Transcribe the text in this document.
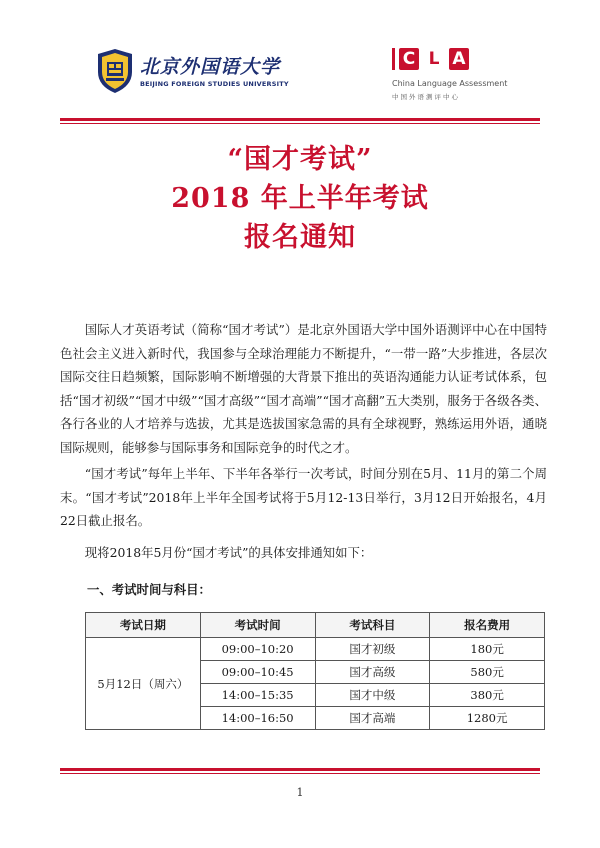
北京外国语大学
BEIJING FOREIGN STUDIES UNIVERSITY
C L A
China Language Assessment
中国外语测评中心
“国才考试”
2018 年上半年考试
报名通知

国际人才英语考试（简称“国才考试”）是北京外国语大学中国外语测评中心在中国特色社会主义进入新时代，我国参与全球治理能力不断提升，“一带一路”大步推进，各层次国际交往日趋频繁，国际影响不断增强的大背景下推出的英语沟通能力认证考试体系，包括“国才初级”“国才中级”“国才高级”“国才高端”“国才高翻”五大类别，服务于各级各类、各行各业的人才培养与选拔，尤其是选拔国家急需的具有全球视野，熟练运用外语，通晓国际规则，能够参与国际事务和国际竞争的时代之才。

“国才考试”每年上半年、下半年各举行一次考试，时间分别在5月、11月的第二个周末。“国才考试”2018年上半年全国考试将于5月12-13日举行，3月12日开始报名，4月22日截止报名。

现将2018年5月份“国才考试”的具体安排通知如下：

一、考试时间与科目：
考试日期	考试时间	考试科目	报名费用
5月12日（周六）	09:00–10:20	国才初级	180元
	09:00–10:45	国才高级	580元
	14:00–15:35	国才中级	380元
	14:00–16:50	国才高端	1280元
1
